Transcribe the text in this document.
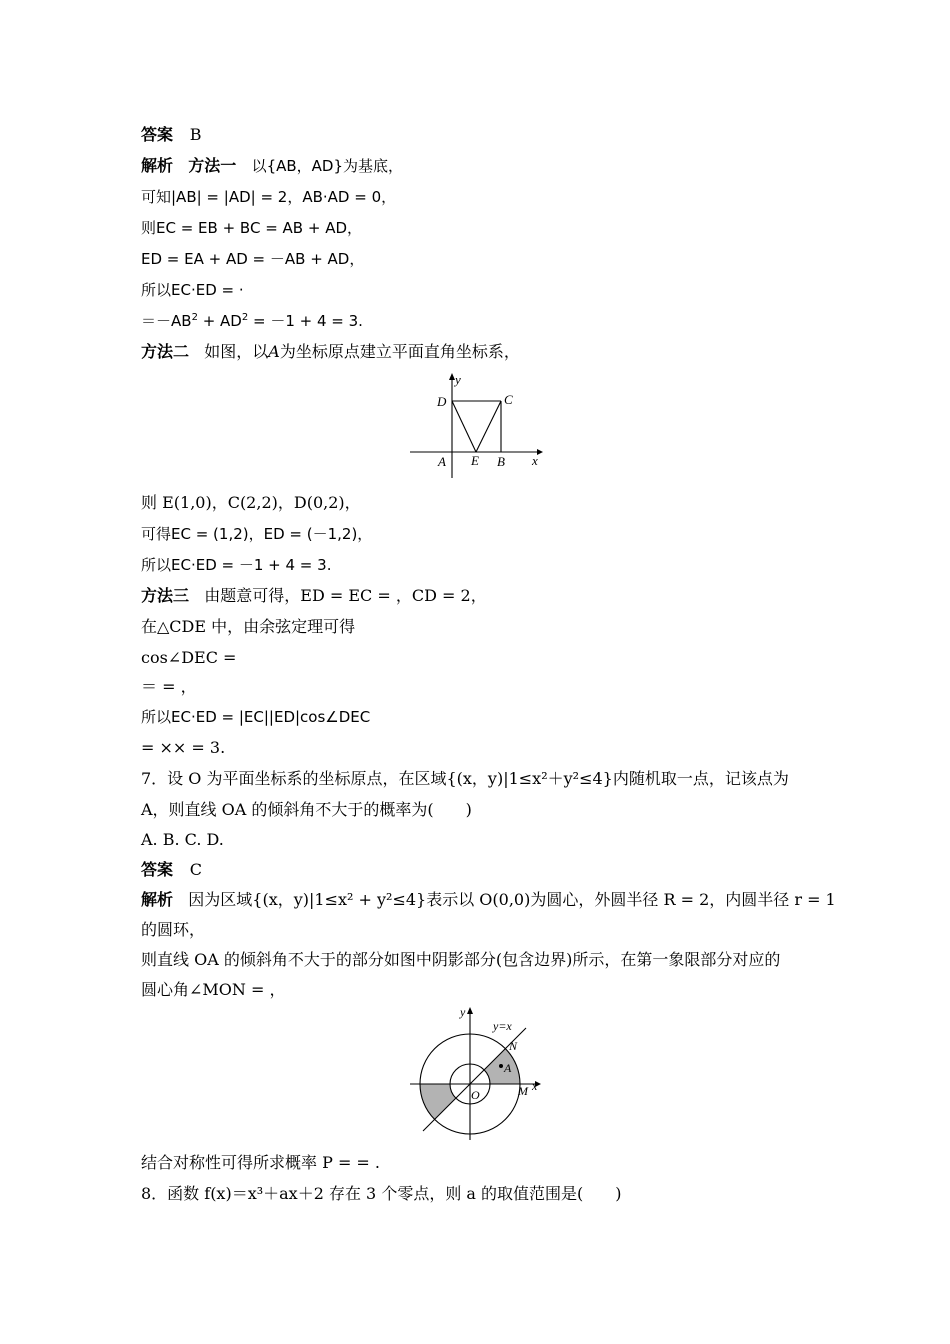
答案 B
解析 方法一 以{AB，AD}为基底，
可知|AB| = |AD| = 2，AB·AD = 0，
则EC = EB + BC = AB + AD，
ED = EA + AD = －AB + AD，
所以EC·ED = ·
$=-AB^2 + AD^2 = -1 + 4 = 3$.
方法二 如图，以A为坐标原点建立平面直角坐标系，
y
D	C
A E B x
则 E(1,0)，C(2,2)，D(0,2)，
可得EC = (1,2)，ED = (－1,2)，
所以EC·ED = －1 + 4 = 3.
方法三 由题意可得，ED = EC = ，CD = 2，
在△CDE 中，由余弦定理可得
cos∠DEC =
＝ = ，
所以EC·ED = |EC||ED|cos∠DEC
= ×× = 3.
7．设 O 为平面坐标系的坐标原点，在区域{(x，y)|1≤x²＋y²≤4}内随机取一点，记该点为
A，则直线 OA 的倾斜角不大于的概率为(　　)
A. B. C. D.
答案 C
解析 因为区域{(x，y)|1≤x² + y²≤4}表示以 O(0,0)为圆心，外圆半径 R = 2，内圆半径 r = 1
的圆环，
则直线 OA 的倾斜角不大于的部分如图中阴影部分(包含边界)所示，在第一象限部分对应的
圆心角∠MON = ，
y
y=x
N
A
O	M x
结合对称性可得所求概率 P = = .
8．函数 f(x)＝x³＋ax＋2 存在 3 个零点，则 a 的取值范围是(　　)
